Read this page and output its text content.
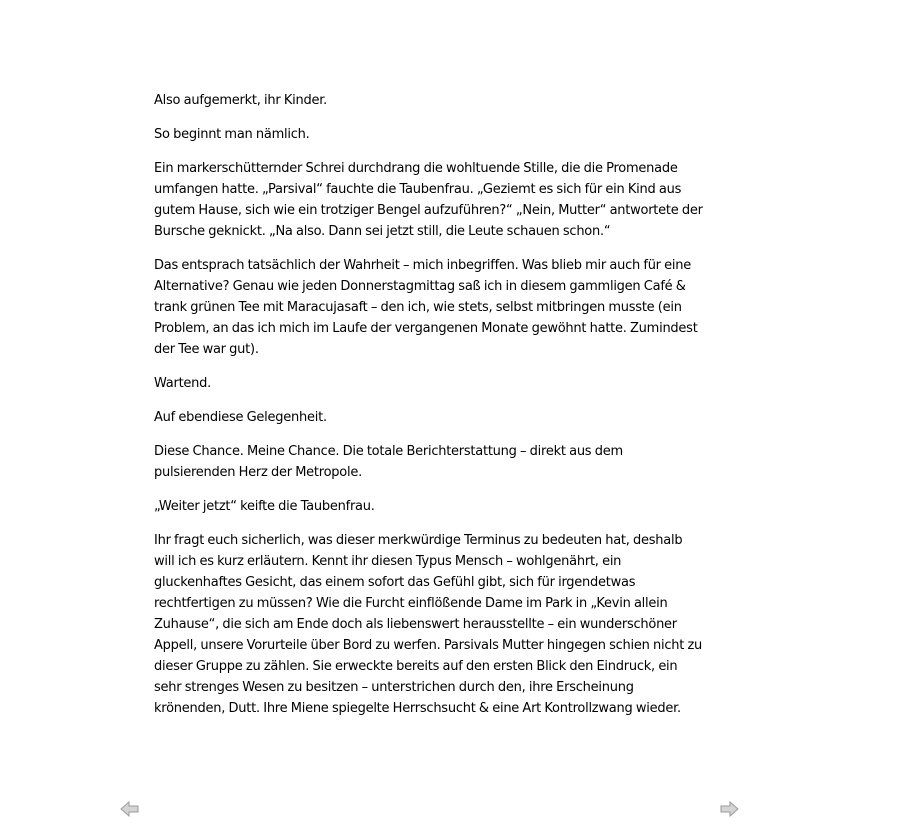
Also aufgemerkt, ihr Kinder.

So beginnt man nämlich.

Ein markerschütternder Schrei durchdrang die wohltuende Stille, die die Promenade umfangen hatte. „Parsival“ fauchte die Taubenfrau. „Geziemt es sich für ein Kind aus gutem Hause, sich wie ein trotziger Bengel aufzuführen?“ „Nein, Mutter“ antwortete der Bursche geknickt. „Na also. Dann sei jetzt still, die Leute schauen schon.“

Das entsprach tatsächlich der Wahrheit – mich inbegriffen. Was blieb mir auch für eine Alternative? Genau wie jeden Donnerstagmittag saß ich in diesem gammligen Café & trank grünen Tee mit Maracujasaft – den ich, wie stets, selbst mitbringen musste (ein Problem, an das ich mich im Laufe der vergangenen Monate gewöhnt hatte. Zumindest der Tee war gut).

Wartend.

Auf ebendiese Gelegenheit.

Diese Chance. Meine Chance. Die totale Berichterstattung – direkt aus dem pulsierenden Herz der Metropole.

„Weiter jetzt“ keifte die Taubenfrau.

Ihr fragt euch sicherlich, was dieser merkwürdige Terminus zu bedeuten hat, deshalb will ich es kurz erläutern. Kennt ihr diesen Typus Mensch – wohlgenährt, ein gluckenhaftes Gesicht, das einem sofort das Gefühl gibt, sich für irgendetwas rechtfertigen zu müssen? Wie die Furcht einflößende Dame im Park in „Kevin allein Zuhause“, die sich am Ende doch als liebenswert herausstellte – ein wunderschöner Appell, unsere Vorurteile über Bord zu werfen. Parsivals Mutter hingegen schien nicht zu dieser Gruppe zu zählen. Sie erweckte bereits auf den ersten Blick den Eindruck, ein sehr strenges Wesen zu besitzen – unterstrichen durch den, ihre Erscheinung krönenden, Dutt. Ihre Miene spiegelte Herrschsucht & eine Art Kontrollzwang wieder.
